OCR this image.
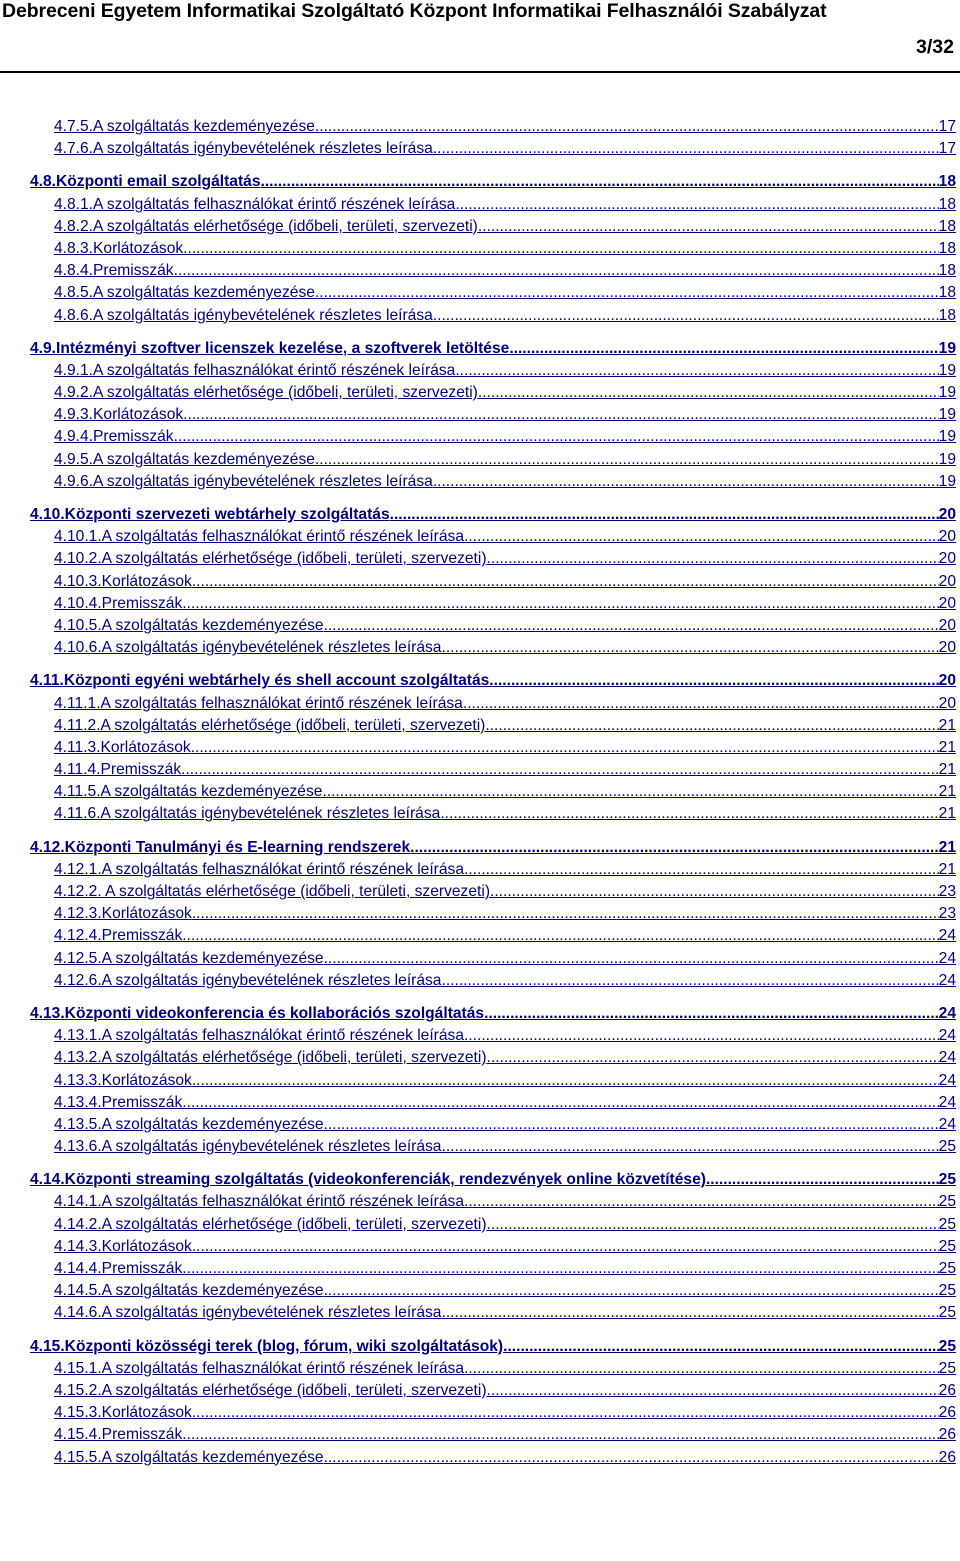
Debreceni Egyetem Informatikai Szolgáltató Központ Informatikai Felhasználói Szabályzat
3/32
4.7.5.A szolgáltatás kezdeményezése .....	17
4.7.6.A szolgáltatás igénybevételének részletes leírása .....	17
4.8.Központi email szolgáltatás .....	18
4.8.1.A szolgáltatás felhasználókat érintő részének leírása .....	18
4.8.2.A szolgáltatás elérhetősége (időbeli, területi, szervezeti) .....	18
4.8.3.Korlátozások .....	18
4.8.4.Premisszák .....	18
4.8.5.A szolgáltatás kezdeményezése .....	18
4.8.6.A szolgáltatás igénybevételének részletes leírása .....	18
4.9.Intézményi szoftver licenszek kezelése, a szoftverek letöltése .....	19
4.9.1.A szolgáltatás felhasználókat érintő részének leírása .....	19
4.9.2.A szolgáltatás elérhetősége (időbeli, területi, szervezeti) .....	19
4.9.3.Korlátozások .....	19
4.9.4.Premisszák .....	19
4.9.5.A szolgáltatás kezdeményezése .....	19
4.9.6.A szolgáltatás igénybevételének részletes leírása .....	19
4.10.Központi szervezeti webtárhely szolgáltatás .....	20
4.10.1.A szolgáltatás felhasználókat érintő részének leírása .....	20
4.10.2.A szolgáltatás elérhetősége (időbeli, területi, szervezeti) .....	20
4.10.3.Korlátozások .....	20
4.10.4.Premisszák .....	20
4.10.5.A szolgáltatás kezdeményezése .....	20
4.10.6.A szolgáltatás igénybevételének részletes leírása .....	20
4.11.Központi egyéni webtárhely és shell account szolgáltatás .....	20
4.11.1.A szolgáltatás felhasználókat érintő részének leírása .....	20
4.11.2.A szolgáltatás elérhetősége (időbeli, területi, szervezeti) .....	21
4.11.3.Korlátozások .....	21
4.11.4.Premisszák .....	21
4.11.5.A szolgáltatás kezdeményezése .....	21
4.11.6.A szolgáltatás igénybevételének részletes leírása .....	21
4.12.Központi Tanulmányi és E-learning rendszerek .....	21
4.12.1.A szolgáltatás felhasználókat érintő részének leírása .....	21
4.12.2. A szolgáltatás elérhetősége (időbeli, területi, szervezeti) .....	23
4.12.3.Korlátozások .....	23
4.12.4.Premisszák .....	24
4.12.5.A szolgáltatás kezdeményezése .....	24
4.12.6.A szolgáltatás igénybevételének részletes leírása .....	24
4.13.Központi videokonferencia és kollaborációs szolgáltatás .....	24
4.13.1.A szolgáltatás felhasználókat érintő részének leírása .....	24
4.13.2.A szolgáltatás elérhetősége (időbeli, területi, szervezeti) .....	24
4.13.3.Korlátozások .....	24
4.13.4.Premisszák .....	24
4.13.5.A szolgáltatás kezdeményezése .....	24
4.13.6.A szolgáltatás igénybevételének részletes leírása .....	25
4.14.Központi streaming szolgáltatás (videokonferenciák, rendezvények online közvetítése) .....	25
4.14.1.A szolgáltatás felhasználókat érintő részének leírása .....	25
4.14.2.A szolgáltatás elérhetősége (időbeli, területi, szervezeti) .....	25
4.14.3.Korlátozások .....	25
4.14.4.Premisszák .....	25
4.14.5.A szolgáltatás kezdeményezése .....	25
4.14.6.A szolgáltatás igénybevételének részletes leírása .....	25
4.15.Központi közösségi terek (blog, fórum, wiki szolgáltatások) .....	25
4.15.1.A szolgáltatás felhasználókat érintő részének leírása .....	25
4.15.2.A szolgáltatás elérhetősége (időbeli, területi, szervezeti) .....	26
4.15.3.Korlátozások .....	26
4.15.4.Premisszák .....	26
4.15.5.A szolgáltatás kezdeményezése .....	26
